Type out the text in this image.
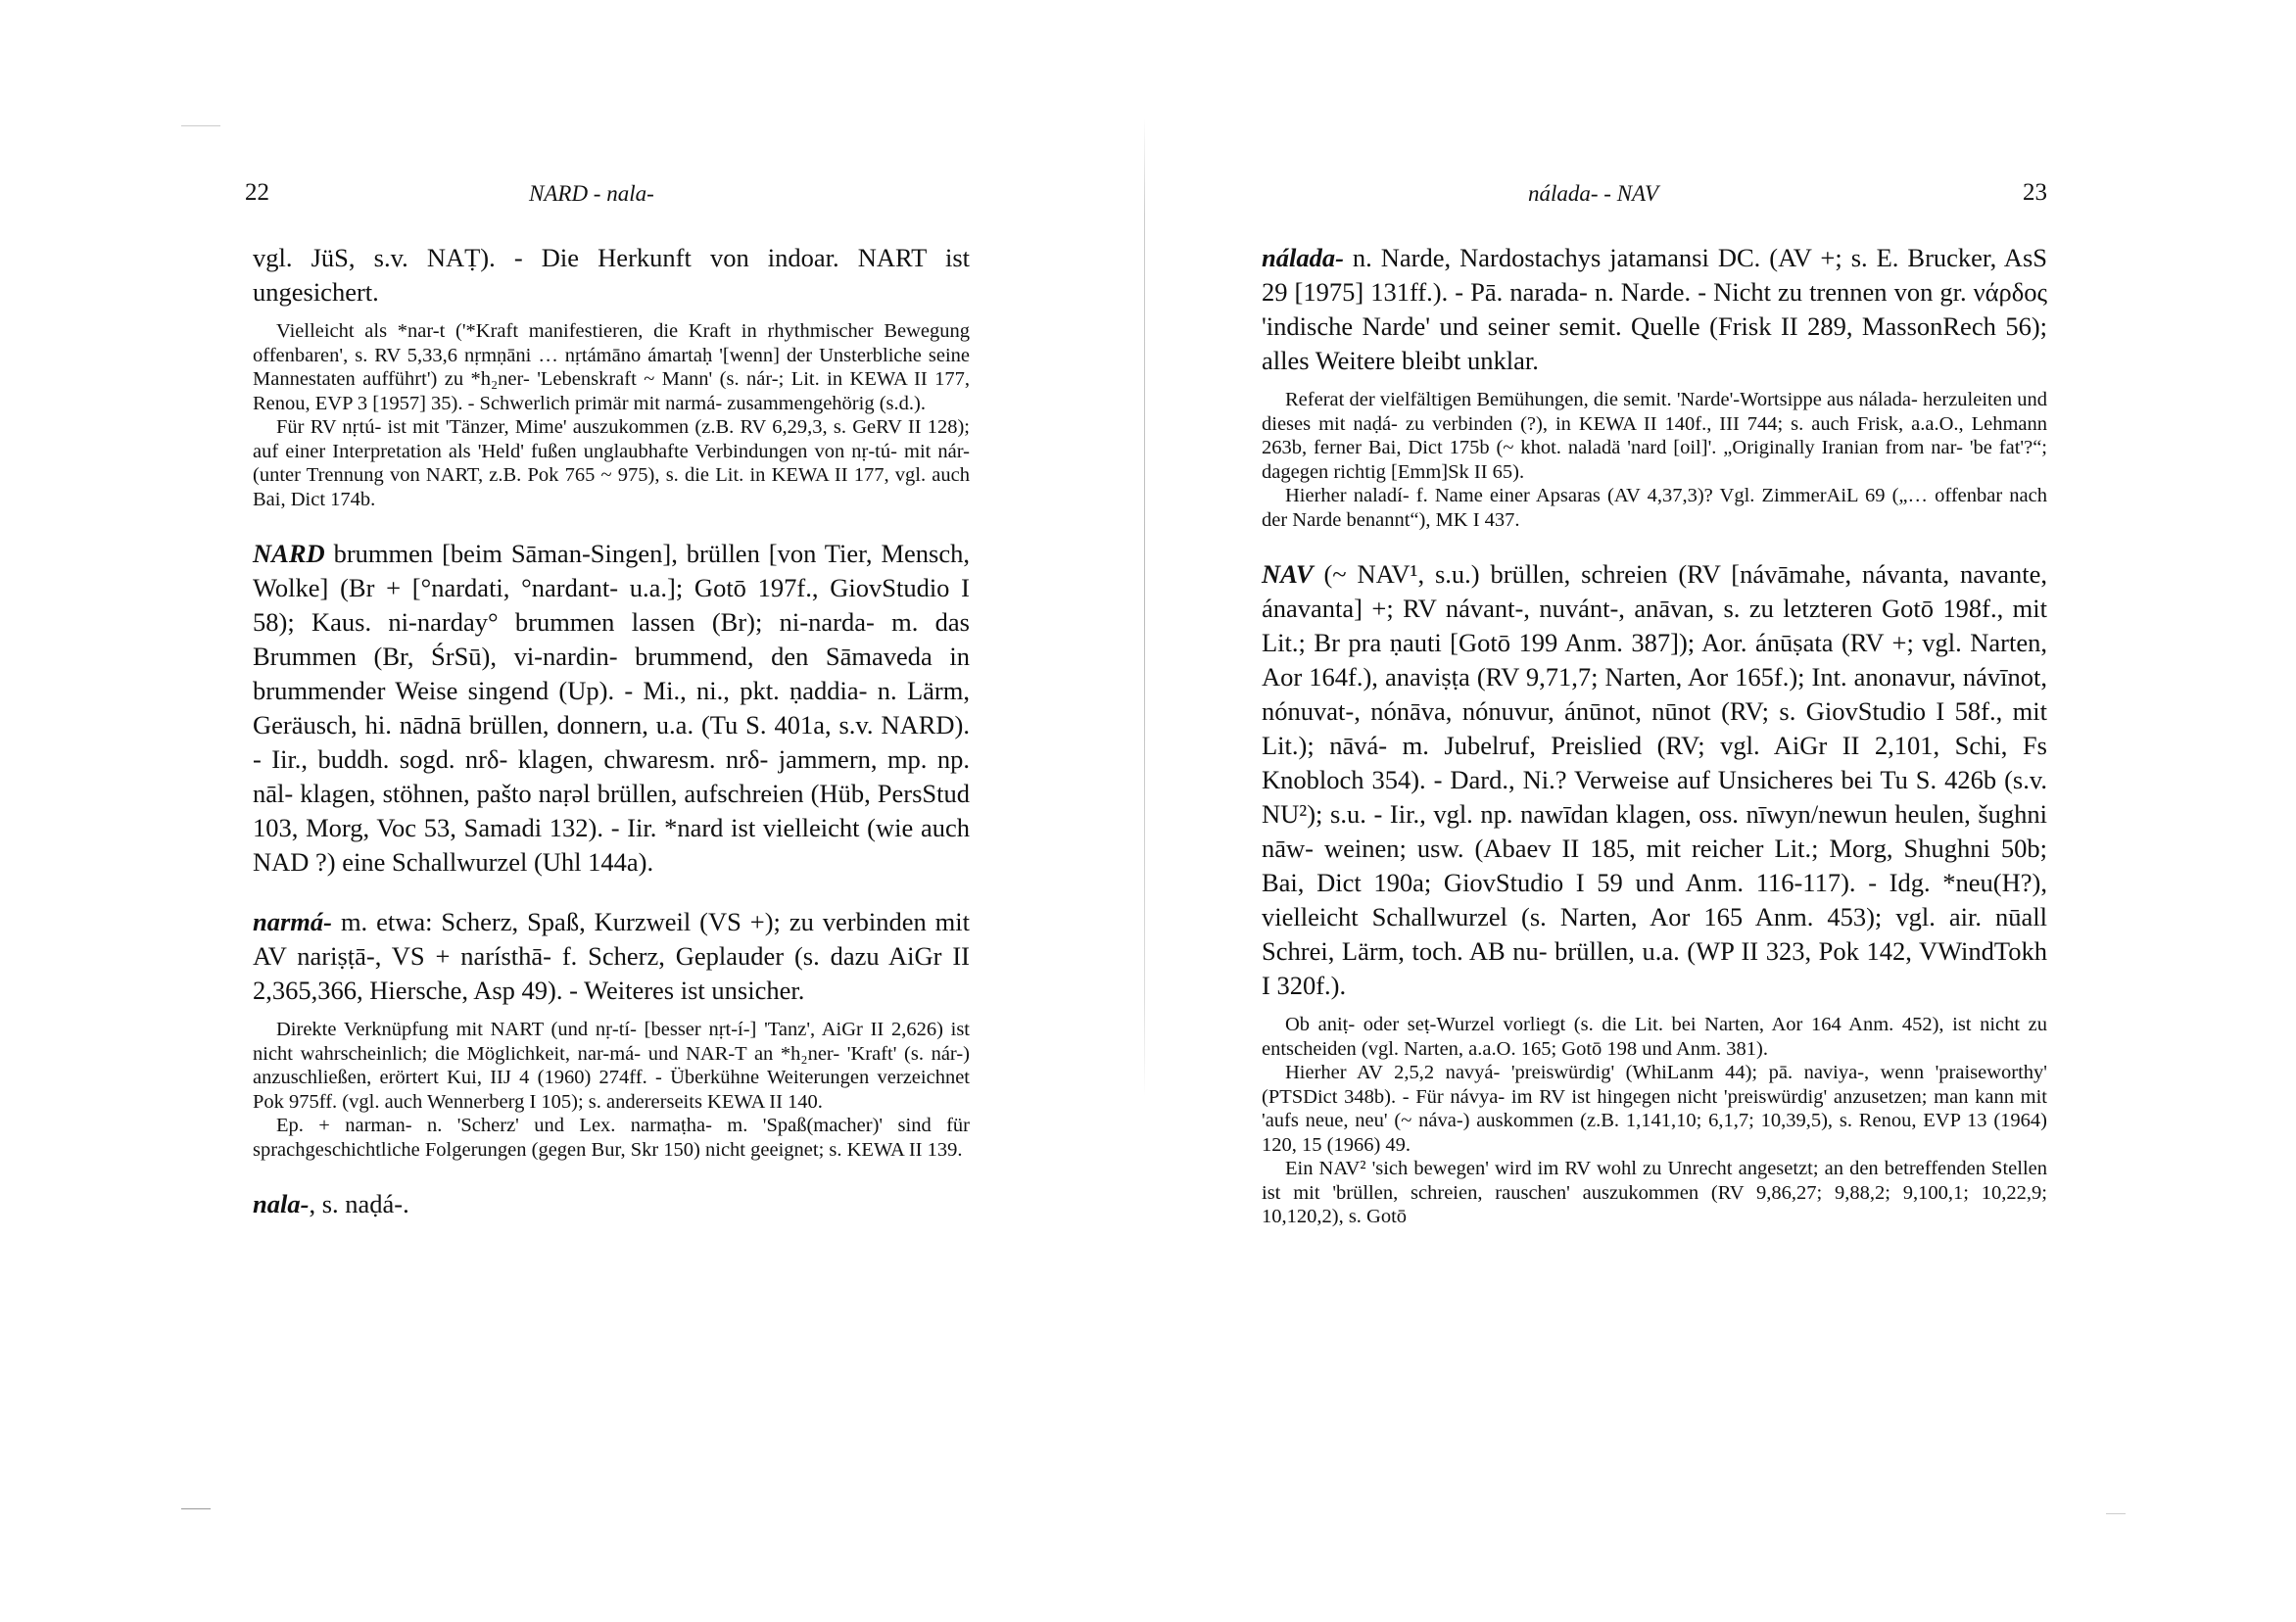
22	NARD - nala-

vgl. JüS, s.v. NAṬ). - Die Herkunft von indoar. NART ist ungesichert.

Vielleicht als *nar-t ('*Kraft manifestieren, die Kraft in rhythmischer Bewegung offenbaren', s. RV 5,33,6 nṛmṇāni … nṛtámāno ámartaḥ '[wenn] der Unsterbliche seine Mannestaten aufführt') zu *h₂ner- 'Lebenskraft ~ Mann' (s. nár-; Lit. in KEWA II 177, Renou, EVP 3 [1957] 35). - Schwerlich primär mit narmá- zusammengehörig (s.d.).

Für RV nṛtú- ist mit 'Tänzer, Mime' auszukommen (z.B. RV 6,29,3, s. GeRV II 128); auf einer Interpretation als 'Held' fußen unglaubhafte Verbindungen von nṛ-tú- mit nár- (unter Trennung von NART, z.B. Pok 765 ~ 975), s. die Lit. in KEWA II 177, vgl. auch Bai, Dict 174b.

NARD brummen [beim Sāman-Singen], brüllen [von Tier, Mensch, Wolke] (Br + [°nardati, °nardant- u.a.]; Gotō 197f., GiovStudio I 58); Kaus. ni-narday° brummen lassen (Br); ni-narda- m. das Brummen (Br, ŚrSū), vi-nardin- brummend, den Sāmaveda in brummender Weise singend (Up). - Mi., ni., pkt. ṇaddia- n. Lärm, Geräusch, hi. nādnā brüllen, donnern, u.a. (Tu S. 401a, s.v. NARD). - Iir., buddh. sogd. nrδ- klagen, chwaresm. nrδ- jammern, mp. np. nāl- klagen, stöhnen, pašto naṛəl brüllen, aufschreien (Hüb, PersStud 103, Morg, Voc 53, Samadi 132). - Iir. *nard ist vielleicht (wie auch NAD ?) eine Schallwurzel (Uhl 144a).

narmá- m. etwa: Scherz, Spaß, Kurzweil (VS +); zu verbinden mit AV nariṣṭā-, VS + narísthā- f. Scherz, Geplauder (s. dazu AiGr II 2,365,366, Hiersche, Asp 49). - Weiteres ist unsicher.

Direkte Verknüpfung mit NART (und nṛ-tí- [besser nṛt-í-] 'Tanz', AiGr II 2,626) ist nicht wahrscheinlich; die Möglichkeit, nar-má- und NAR-T an *h₂ner- 'Kraft' (s. nár-) anzuschließen, erörtert Kui, IIJ 4 (1960) 274ff. - Überkühne Weiterungen verzeichnet Pok 975ff. (vgl. auch Wennerberg I 105); s. andererseits KEWA II 140.

Ep. + narman- n. 'Scherz' und Lex. narmaṭha- m. 'Spaß(macher)' sind für sprachgeschichtliche Folgerungen (gegen Bur, Skr 150) nicht geeignet; s. KEWA II 139.

nala-, s. naḍá-.

nálada- - NAV	23

nálada- n. Narde, Nardostachys jatamansi DC. (AV +; s. E. Brucker, AsS 29 [1975] 131ff.). - Pā. narada- n. Narde. - Nicht zu trennen von gr. νάρδος 'indische Narde' und seiner semit. Quelle (Frisk II 289, MassonRech 56); alles Weitere bleibt unklar.

Referat der vielfältigen Bemühungen, die semit. 'Narde'-Wortsippe aus nálada- herzuleiten und dieses mit naḍá- zu verbinden (?), in KEWA II 140f., III 744; s. auch Frisk, a.a.O., Lehmann 263b, ferner Bai, Dict 175b (~ khot. naladä 'nard [oil]'. „Originally Iranian from nar- 'be fat'?“; dagegen richtig [Emm]Sk II 65).

Hierher naladí- f. Name einer Apsaras (AV 4,37,3)? Vgl. ZimmerAiL 69 („… offenbar nach der Narde benannt“), MK I 437.

NAV (~ NAV¹, s.u.) brüllen, schreien (RV [návāmahe, návanta, navante, ánavanta] +; RV návant-, nuvánt-, anāvan, s. zu letzteren Gotō 198f., mit Lit.; Br pra ṇauti [Gotō 199 Anm. 387]); Aor. ánūṣata (RV +; vgl. Narten, Aor 164f.), anaviṣṭa (RV 9,71,7; Narten, Aor 165f.); Int. anonavur, návīnot, nónuvat-, nónāva, nónuvur, ánūnot, nūnot (RV; s. GiovStudio I 58f., mit Lit.); nāvá- m. Jubelruf, Preislied (RV; vgl. AiGr II 2,101, Schi, Fs Knobloch 354). - Dard., Ni.? Verweise auf Unsicheres bei Tu S. 426b (s.v. NU²); s.u. - Iir., vgl. np. nawīdan klagen, oss. nīwyn/newun heulen, šughni nāw- weinen; usw. (Abaev II 185, mit reicher Lit.; Morg, Shughni 50b; Bai, Dict 190a; GiovStudio I 59 und Anm. 116-117). - Idg. *neu(H?), vielleicht Schallwurzel (s. Narten, Aor 165 Anm. 453); vgl. air. nūall Schrei, Lärm, toch. AB nu- brüllen, u.a. (WP II 323, Pok 142, VWindTokh I 320f.).

Ob aniṭ- oder seṭ-Wurzel vorliegt (s. die Lit. bei Narten, Aor 164 Anm. 452), ist nicht zu entscheiden (vgl. Narten, a.a.O. 165; Gotō 198 und Anm. 381).

Hierher AV 2,5,2 navyá- 'preiswürdig' (WhiLanm 44); pā. naviya-, wenn 'praiseworthy' (PTSDict 348b). - Für návya- im RV ist hingegen nicht 'preiswürdig' anzusetzen; man kann mit 'aufs neue, neu' (~ náva-) auskommen (z.B. 1,141,10; 6,1,7; 10,39,5), s. Renou, EVP 13 (1964) 120, 15 (1966) 49.

Ein NAV² 'sich bewegen' wird im RV wohl zu Unrecht angesetzt; an den betreffenden Stellen ist mit 'brüllen, schreien, rauschen' auszukommen (RV 9,86,27; 9,88,2; 9,100,1; 10,22,9; 10,120,2), s. Gotō
